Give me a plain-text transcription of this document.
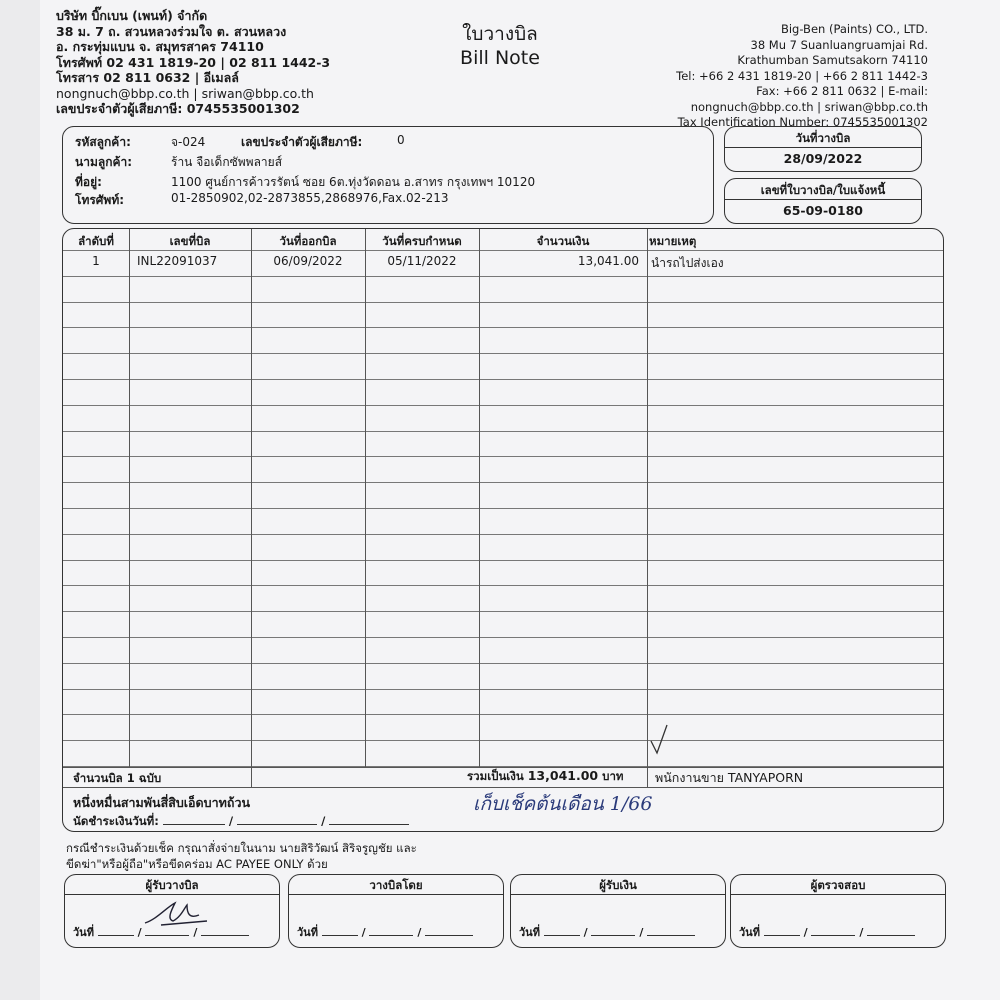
บริษัท บิ๊กเบน (เพนท์) จำกัด
38 ม. 7 ถ. สวนหลวงร่วมใจ ต. สวนหลวง
อ. กระทุ่มแบน จ. สมุทรสาคร 74110
โทรศัพท์ 02 431 1819-20 | 02 811 1442-3
โทรสาร 02 811 0632 | อีเมลล์
nongnuch@bbp.co.th | sriwan@bbp.co.th
เลขประจำตัวผู้เสียภาษี: 0745535001302
ใบวางบิล
Bill Note
Big-Ben (Paints) CO., LTD.
38 Mu 7 Suanluangruamjai Rd.
Krathumban Samutsakorn 74110
Tel: +66 2 431 1819-20 | +66 2 811 1442-3
Fax: +66 2 811 0632 | E-mail:
nongnuch@bbp.co.th | sriwan@bbp.co.th
Tax Identification Number: 0745535001302
รหัสลูกค้า:	จ-024	เลขประจำตัวผู้เสียภาษี:	0
นามลูกค้า:	ร้าน จือเด็กซัพพลายส์
ที่อยู่:	1100 ศูนย์การค้าวรรัตน์ ซอย 6ต.ทุ่งวัดดอน อ.สาทร กรุงเทพฯ 10120
โทรศัพท์:	01-2850902,02-2873855,2868976,Fax.02-213
วันที่วางบิล
28/09/2022
เลขที่ใบวางบิล/ใบแจ้งหนี้
65-09-0180
ลำดับที่	เลขที่บิล	วันที่ออกบิล	วันที่ครบกำหนด	จำนวนเงิน	หมายเหตุ
1	INL22091037	06/09/2022	05/11/2022	13,041.00 นำรถไปส่งเอง
จำนวนบิล 1 ฉบับ	รวมเป็นเงิน 13,041.00 บาท	พนักงานขาย TANYAPORN
หนึ่งหมื่นสามพันสี่สิบเอ็ดบาทถ้วน	เก็บเช็คต้นเดือน 1/66
นัดชำระเงินวันที่:	/	/
กรณีชำระเงินด้วยเช็ค กรุณาสั่งจ่ายในนาม นายสิริวัฒน์ สิริจรูญชัย และ
ขีดฆ่า"หรือผู้ถือ"หรือขีดคร่อม AC PAYEE ONLY ด้วย
ผู้รับวางบิล
วันที่	/	/
วางบิลโดย
วันที่	/	/
ผู้รับเงิน
วันที่	/	/
ผู้ตรวจสอบ
วันที่	/	/
